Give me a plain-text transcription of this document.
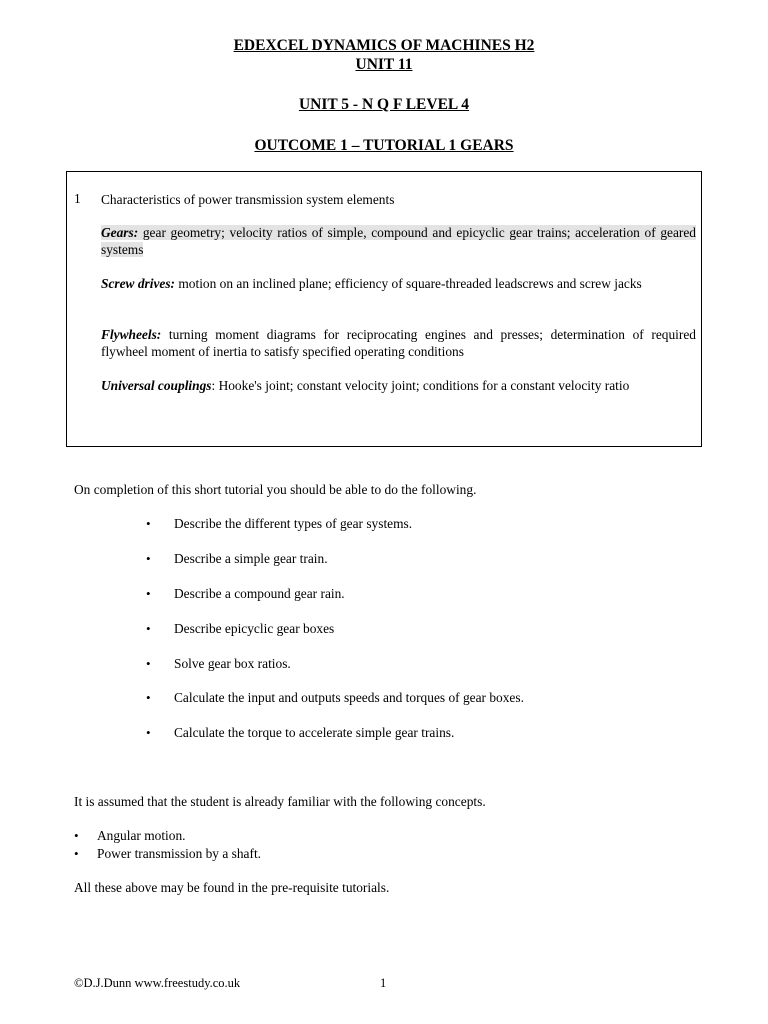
EDEXCEL DYNAMICS OF MACHINES H2
UNIT 11
UNIT 5 - N Q F LEVEL 4
OUTCOME 1 – TUTORIAL 1 GEARS
1 Characteristics of power transmission system elements
Gears: gear geometry; velocity ratios of simple, compound and epicyclic gear trains; acceleration of geared systems
Screw drives: motion on an inclined plane; efficiency of square-threaded leadscrews and screw jacks
Flywheels: turning moment diagrams for reciprocating engines and presses; determination of required flywheel moment of inertia to satisfy specified operating conditions
Universal couplings: Hooke's joint; constant velocity joint; conditions for a constant velocity ratio
On completion of this short tutorial you should be able to do the following.
• Describe the different types of gear systems.
• Describe a simple gear train.
• Describe a compound gear rain.
• Describe epicyclic gear boxes
• Solve gear box ratios.
• Calculate the input and outputs speeds and torques of gear boxes.
• Calculate the torque to accelerate simple gear trains.
It is assumed that the student is already familiar with the following concepts.
• Angular motion.
• Power transmission by a shaft.
All these above may be found in the pre-requisite tutorials.
©D.J.Dunn www.freestudy.co.uk	1
